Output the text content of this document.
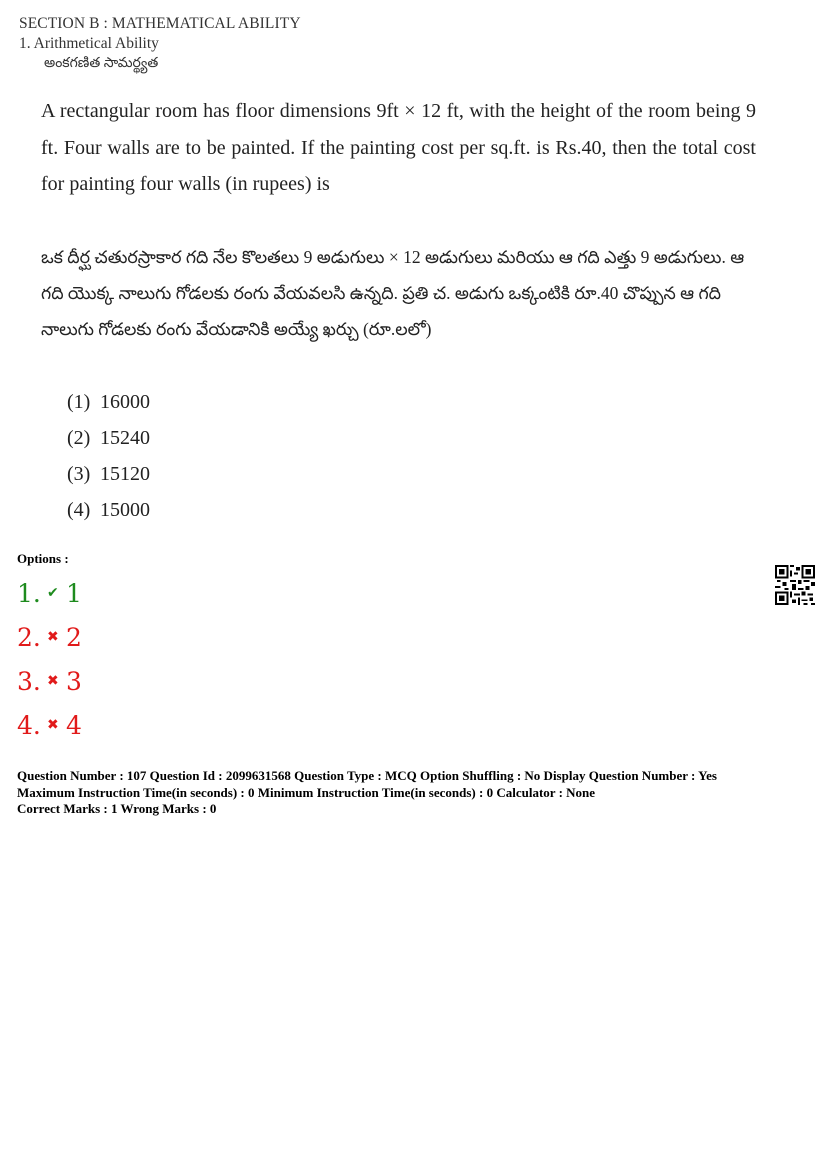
SECTION B : MATHEMATICAL ABILITY
1. Arithmetical Ability
అంకగణిత సామర్థ్యత
A rectangular room has floor dimensions 9ft × 12 ft, with the height of the room being 9 ft. Four walls are to be painted. If the painting cost per sq.ft. is Rs.40, then the total cost for painting four walls (in rupees) is
ఒక దీర్ఘ చతురస్రాకార గది నేల కొలతలు 9 అడుగులు × 12 అడుగులు మరియు ఆ గది ఎత్తు 9 అడుగులు. ఆ గది యొక్క నాలుగు గోడలకు రంగు వేయవలసి ఉన్నది. ప్రతి చ. అడుగు ఒక్కంటికి రూ.40 చొప్పున ఆ గది నాలుగు గోడలకు రంగు వేయడానికి అయ్యే ఖర్చు (రూ.లలో)
(1) 16000
(2) 15240
(3) 15120
(4) 15000
Options :
1. ✔ 1
2. ✖ 2
3. ✖ 3
4. ✖ 4
Question Number : 107 Question Id : 2099631568 Question Type : MCQ Option Shuffling : No Display Question Number : Yes
Maximum Instruction Time(in seconds) : 0 Minimum Instruction Time(in seconds) : 0 Calculator : None
Correct Marks : 1 Wrong Marks : 0
